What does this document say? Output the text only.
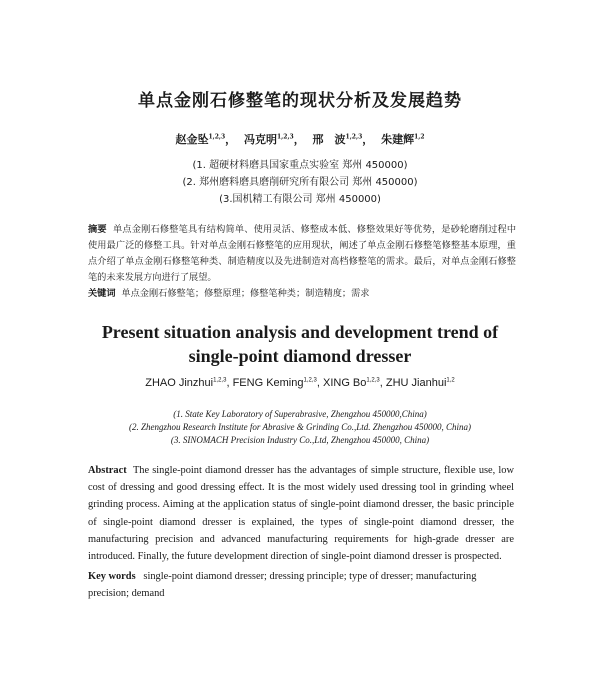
单点金刚石修整笔的现状分析及发展趋势
赵金坠$^{1,2,3}$， 冯克明$^{1,2,3}$， 邢　波$^{1,2,3}$， 朱建辉$^{1,2}$
(1. 超硬材料磨具国家重点实验室 郑州 450000)
(2. 郑州磨料磨具磨削研究所有限公司 郑州 450000)
(3.国机精工有限公司 郑州 450000)
摘要 单点金刚石修整笔具有结构简单、使用灵活、修整成本低、修整效果好等优势，是砂轮磨削过程中使用最广泛的修整工具。针对单点金刚石修整笔的应用现状，阐述了单点金刚石修整笔修整基本原理，重点介绍了单点金刚石修整笔种类、制造精度以及先进制造对高档修整笔的需求。最后，对单点金刚石修整笔的未来发展方向进行了展望。
关键词 单点金刚石修整笔；修整原理；修整笔种类；制造精度；需求
Present situation analysis and development trend of
single-point diamond dresser
ZHAO Jinzhui$^{1,2,3}$, FENG Keming$^{1,2,3}$, XING Bo$^{1,2,3}$, ZHU Jianhui$^{1,2}$
(1. State Key Laboratory of Superabrasive, Zhengzhou 450000,China)
(2. Zhengzhou Research Institute for Abrasive & Grinding Co.,Ltd. Zhengzhou 450000, China)
(3. SINOMACH Precision Industry Co.,Ltd, Zhengzhou 450000, China)
Abstract The single-point diamond dresser has the advantages of simple structure, flexible use, low cost of dressing and good dressing effect. It is the most widely used dressing tool in grinding wheel grinding process. Aiming at the application status of single-point diamond dresser, the basic principle of single-point diamond dresser is explained, the types of single-point diamond dresser, the manufacturing precision and advanced manufacturing requirements for high-grade dresser are introduced. Finally, the future development direction of single-point diamond dresser is prospected.
Key words single-point diamond dresser; dressing principle; type of dresser; manufacturing precision; demand
